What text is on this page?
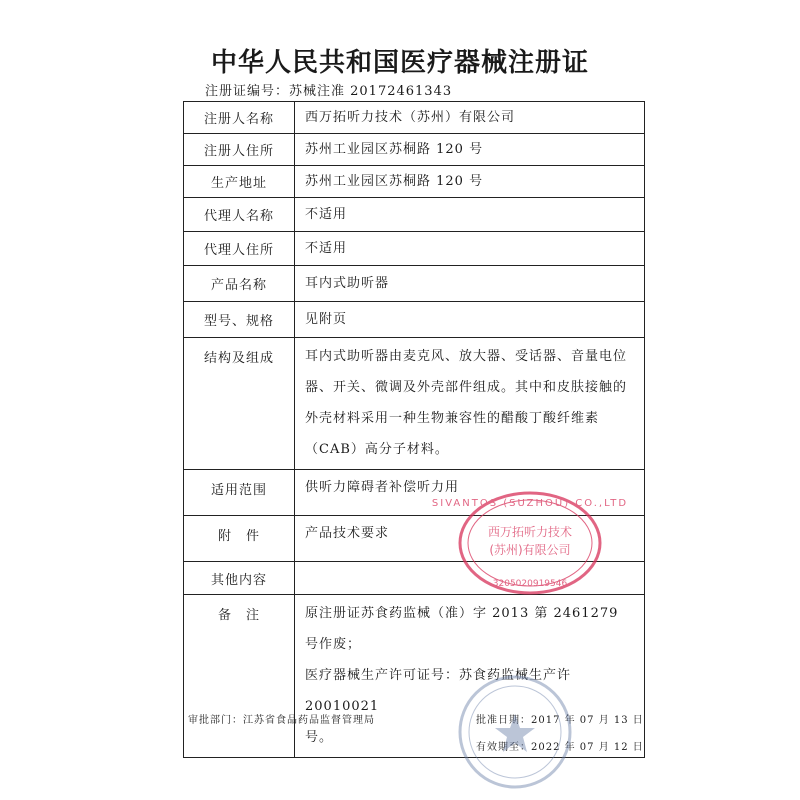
中华人民共和国医疗器械注册证
注册证编号：苏械注准 20172461343
注册人名称	西万拓听力技术（苏州）有限公司
注册人住所	苏州工业园区苏桐路 120 号
生产地址	苏州工业园区苏桐路 120 号
代理人名称	不适用
代理人住所	不适用
产品名称	耳内式助听器
型号、规格	见附页
结构及组成	耳内式助听器由麦克风、放大器、受话器、音量电位
器、开关、微调及外壳部件组成。其中和皮肤接触的
外壳材料采用一种生物兼容性的醋酸丁酸纤维素
（CAB）高分子材料。

适用范围	供听力障碍者补偿听力用
附　件	产品技术要求
其他内容	
备　注	原注册证苏食药监械（准）字 2013 第 2461279 号作废；
医疗器械生产许可证号：苏食药监械生产许 20010021
号。
审批部门：江苏省食品药品监督管理局	批准日期：2017 年 07 月 13 日
有效期至：2022 年 07 月 12 日
西万拓听力技术
(苏州)有限公司
SIVANTOS (SUZHOU) CO.,LTD
3205020919546
